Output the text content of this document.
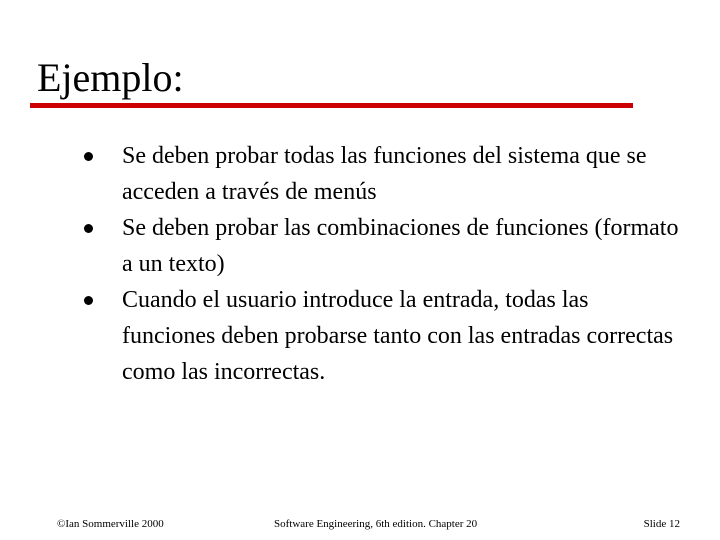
Ejemplo:
Se deben probar todas las funciones del sistema que se acceden a través de menús
Se deben probar las combinaciones de funciones (formato a un texto)
Cuando el usuario introduce la entrada, todas las funciones deben probarse tanto con las entradas correctas como las incorrectas.
©Ian Sommerville 2000	Software Engineering, 6th edition. Chapter 20	Slide 12
